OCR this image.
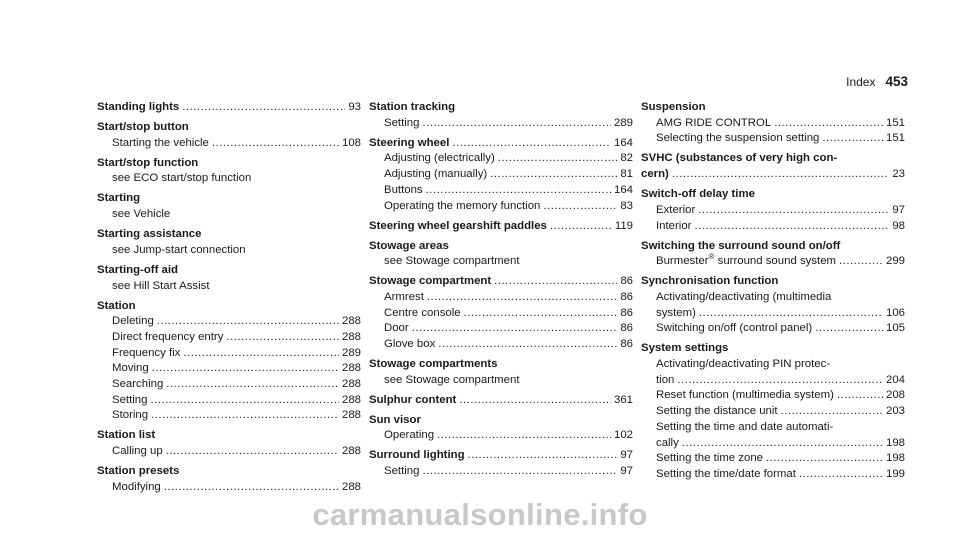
Index 453
Standing lights .....	93
Start/stop button
Starting the vehicle .....	108
Start/stop function
see ECO start/stop function
Starting
see Vehicle
Starting assistance
see Jump-start connection
Starting-off aid
see Hill Start Assist
Station
Deleting .....	288
Direct frequency entry .....	288
Frequency fix .....	289
Moving .....	288
Searching .....	288
Setting .....	288
Storing .....	288
Station list
Calling up .....	288
Station presets
Modifying .....	288
Station tracking
Setting .....	289
Steering wheel .....	164
Adjusting (electrically) .....	82
Adjusting (manually) .....	81
Buttons .....	164
Operating the memory function .....	83
Steering wheel gearshift paddles .....	119
Stowage areas
see Stowage compartment
Stowage compartment .....	86
Armrest .....	86
Centre console .....	86
Door .....	86
Glove box .....	86
Stowage compartments
see Stowage compartment
Sulphur content .....	361
Sun visor
Operating .....	102
Surround lighting .....	97
Setting .....	97
Suspension
AMG RIDE CONTROL .....	151
Selecting the suspension setting .....	151
SVHC (substances of very high con-
cern) .....	23
Switch-off delay time
Exterior .....	97
Interior .....	98
Switching the surround sound on/off
Burmester® surround sound system .....	299
Synchronisation function
Activating/deactivating (multimedia
system) .....	106
Switching on/off (control panel) .....	105
System settings
Activating/deactivating PIN protec-
tion .....	204
Reset function (multimedia system) .....	208
Setting the distance unit .....	203
Setting the time and date automati-
cally .....	198
Setting the time zone .....	198
Setting the time/date format .....	199
carmanualsonline.info
